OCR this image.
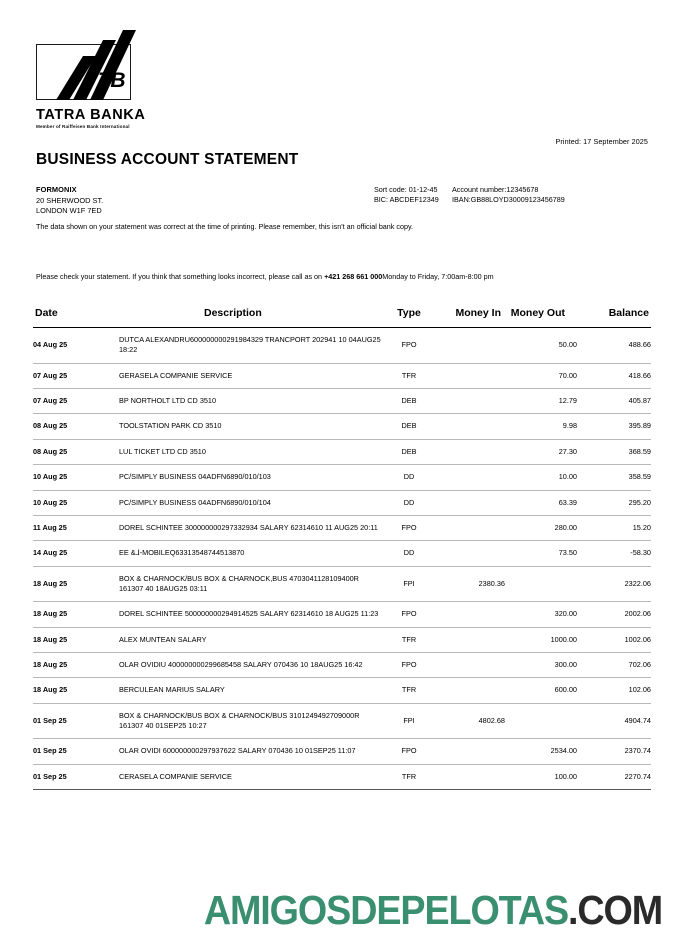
TB
TATRA BANKA
Member of Raiffeisen Bank International
Printed: 17 September 2025
BUSINESS ACCOUNT STATEMENT
FORMONIX
20 SHERWOOD ST.
LONDON W1F 7ED
Sort code: 01-12-45 Account number:12345678
BIC: ABCDEF12349 IBAN:GB88LOYD30009123456789
The data shown on your statement was correct at the time of printing. Please remember, this isn't an official bank copy.
Please check your statement. If you think that something looks incorrect, please call as on +421 268 661 000Monday to Friday, 7:00am-8:00 pm
Date	Description	Type	Money In	Money Out	Balance
04 Aug 25	DUTCA ALEXANDRU60000000029198​4329 TRANCPORT 202941 10 04AUG25 18:22	FPO		50.00	488.66
07 Aug 25	GERASELA COMPANIE SERVICE	TFR		70.00	418.66
07 Aug 25	BP NORTHOLT LTD CD 3510	DEB		12.79	405.87
08 Aug 25	TOOLSTATION PARK CD 3510	DEB		9.98	395.89
08 Aug 25	LUL TICKET LTD CD 3510	DEB		27.30	368.59
10 Aug 25	PC/SIMPLY BUSINESS 04ADFN6890/010/103	DD		10.00	358.59
10 Aug 25	PC/SIMPLY BUSINESS 04ADFN6890/010/104	DD		63.39	295.20
11 Aug 25	DOREL SCHINTEE 300000000297332934 SALARY 62314610 11 AUG25 20:11	FPO		280.00	15.20
14 Aug 25	EE &⅃-MOBILEQ63313548744513870	DD		73.50	-58.30
18 Aug 25	BOX & CHARNOCK/BUS BOX & CHARNOCK,BUS 4703041128109400R 161307 40 18AUG25 03:11	FPI	2380.36		2322.06
18 Aug 25	DOREL SCHINTEE 500000000294914525 SALARY 62314610 18 AUG25 11:23	FPO		320.00	2002.06
18 Aug 25	ALEX MUNTEAN SALARY	TFR		1000.00	1002.06
18 Aug 25	OLAR OVIDIU 400000000299685458 SALARY 070436 10 18AUG25 16:42	FPO		300.00	702.06
18 Aug 25	BERCULEAN MARIUS SALARY	TFR		600.00	102.06
01 Sep 25	BOX & CHARNOCK/BUS BOX & CHARNOCK/BUS 3101249492709000R 161307 40 01SEP25 10:27	FPI	4802.68		4904.74
01 Sep 25	OLAR OVIDI 600000000297937622 SALARY 070436 10 01SEP25 11:07	FPO		2534.00	2370.74
01 Sep 25	CERASELA COMPANIE SERVICE	TFR		100.00	2270.74
AMIGOSDEPELOTAS.COM
